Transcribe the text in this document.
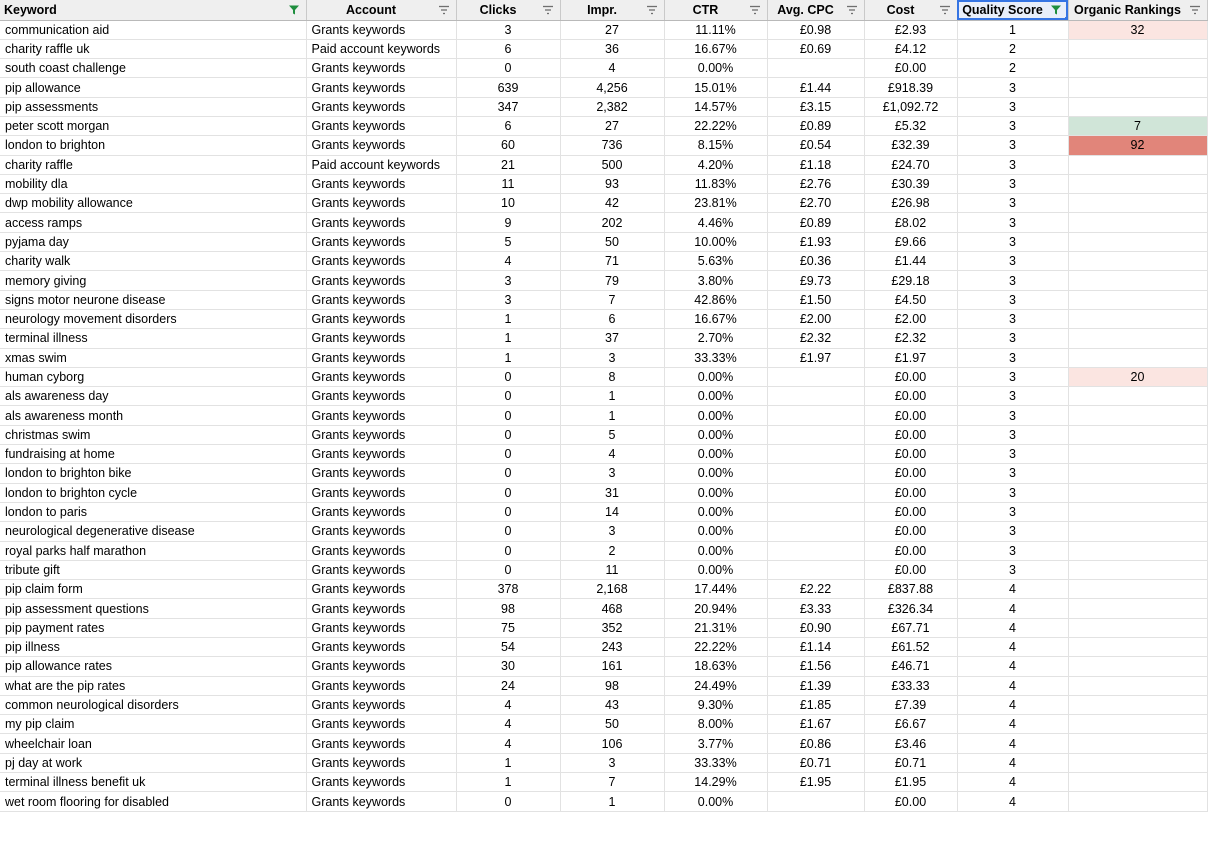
Keyword	Account	Clicks	Impr.	CTR	Avg. CPC	Cost	Quality Score	Organic Rankings

communication aid	Grants keywords	3	27	11.11%	£0.98	£2.93	1	32
charity raffle uk	Paid account keywords	6	36	16.67%	£0.69	£4.12	2	
south coast challenge	Grants keywords	0	4	0.00%		£0.00	2	
pip allowance	Grants keywords	639	4,256	15.01%	£1.44	£918.39	3	
pip assessments	Grants keywords	347	2,382	14.57%	£3.15	£1,092.72	3	
peter scott morgan	Grants keywords	6	27	22.22%	£0.89	£5.32	3	7
london to brighton	Grants keywords	60	736	8.15%	£0.54	£32.39	3	92
charity raffle	Paid account keywords	21	500	4.20%	£1.18	£24.70	3	
mobility dla	Grants keywords	11	93	11.83%	£2.76	£30.39	3	
dwp mobility allowance	Grants keywords	10	42	23.81%	£2.70	£26.98	3	
access ramps	Grants keywords	9	202	4.46%	£0.89	£8.02	3	
pyjama day	Grants keywords	5	50	10.00%	£1.93	£9.66	3	
charity walk	Grants keywords	4	71	5.63%	£0.36	£1.44	3	
memory giving	Grants keywords	3	79	3.80%	£9.73	£29.18	3	
signs motor neurone disease	Grants keywords	3	7	42.86%	£1.50	£4.50	3	
neurology movement disorders	Grants keywords	1	6	16.67%	£2.00	£2.00	3	
terminal illness	Grants keywords	1	37	2.70%	£2.32	£2.32	3	
xmas swim	Grants keywords	1	3	33.33%	£1.97	£1.97	3	
human cyborg	Grants keywords	0	8	0.00%		£0.00	3	20
als awareness day	Grants keywords	0	1	0.00%		£0.00	3	
als awareness month	Grants keywords	0	1	0.00%		£0.00	3	
christmas swim	Grants keywords	0	5	0.00%		£0.00	3	
fundraising at home	Grants keywords	0	4	0.00%		£0.00	3	
london to brighton bike	Grants keywords	0	3	0.00%		£0.00	3	
london to brighton cycle	Grants keywords	0	31	0.00%		£0.00	3	
london to paris	Grants keywords	0	14	0.00%		£0.00	3	
neurological degenerative disease	Grants keywords	0	3	0.00%		£0.00	3	
royal parks half marathon	Grants keywords	0	2	0.00%		£0.00	3	
tribute gift	Grants keywords	0	11	0.00%		£0.00	3	
pip claim form	Grants keywords	378	2,168	17.44%	£2.22	£837.88	4	
pip assessment questions	Grants keywords	98	468	20.94%	£3.33	£326.34	4	
pip payment rates	Grants keywords	75	352	21.31%	£0.90	£67.71	4	
pip illness	Grants keywords	54	243	22.22%	£1.14	£61.52	4	
pip allowance rates	Grants keywords	30	161	18.63%	£1.56	£46.71	4	
what are the pip rates	Grants keywords	24	98	24.49%	£1.39	£33.33	4	
common neurological disorders	Grants keywords	4	43	9.30%	£1.85	£7.39	4	
my pip claim	Grants keywords	4	50	8.00%	£1.67	£6.67	4	
wheelchair loan	Grants keywords	4	106	3.77%	£0.86	£3.46	4	
pj day at work	Grants keywords	1	3	33.33%	£0.71	£0.71	4	
terminal illness benefit uk	Grants keywords	1	7	14.29%	£1.95	£1.95	4	
wet room flooring for disabled	Grants keywords	0	1	0.00%		£0.00	4	
